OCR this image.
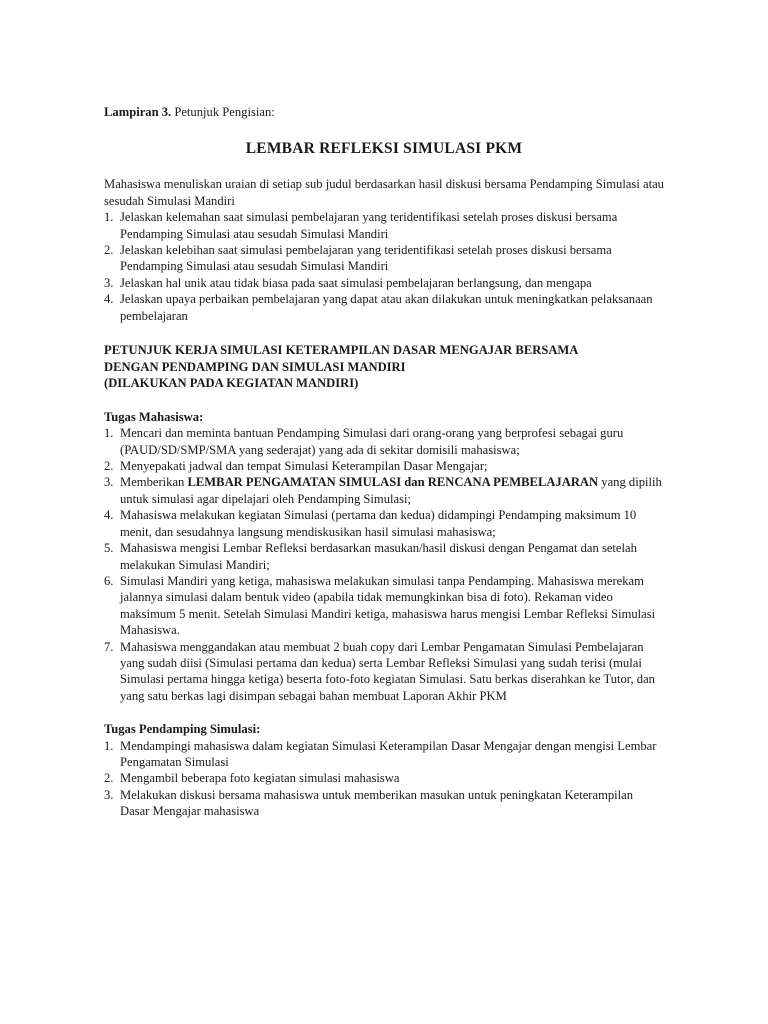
Lampiran 3. Petunjuk Pengisian:

LEMBAR REFLEKSI SIMULASI PKM

Mahasiswa menuliskan uraian di setiap sub judul berdasarkan hasil diskusi bersama Pendamping Simulasi atau sesudah Simulasi Mandiri

1. Jelaskan kelemahan saat simulasi pembelajaran yang teridentifikasi setelah proses diskusi bersama Pendamping Simulasi atau sesudah Simulasi Mandiri
2. Jelaskan kelebihan saat simulasi pembelajaran yang teridentifikasi setelah proses diskusi bersama Pendamping Simulasi atau sesudah Simulasi Mandiri
3. Jelaskan hal unik atau tidak biasa pada saat simulasi pembelajaran berlangsung, dan mengapa
4. Jelaskan upaya perbaikan pembelajaran yang dapat atau akan dilakukan untuk meningkatkan pelaksanaan pembelajaran
PETUNJUK KERJA SIMULASI KETERAMPILAN DASAR MENGAJAR BERSAMA
DENGAN PENDAMPING DAN SIMULASI MANDIRI
(DILAKUKAN PADA KEGIATAN MANDIRI)
Tugas Mahasiswa:
1. Mencari dan meminta bantuan Pendamping Simulasi dari orang-orang yang berprofesi sebagai guru (PAUD/SD/SMP/SMA yang sederajat) yang ada di sekitar domisili mahasiswa;
2. Menyepakati jadwal dan tempat Simulasi Keterampilan Dasar Mengajar;
3. Memberikan LEMBAR PENGAMATAN SIMULASI dan RENCANA PEMBELAJARAN yang dipilih untuk simulasi agar dipelajari oleh Pendamping Simulasi;
4. Mahasiswa melakukan kegiatan Simulasi (pertama dan kedua) didampingi Pendamping maksimum 10 menit, dan sesudahnya langsung mendiskusikan hasil simulasi mahasiswa;
5. Mahasiswa mengisi Lembar Refleksi berdasarkan masukan/hasil diskusi dengan Pengamat dan setelah melakukan Simulasi Mandiri;
6. Simulasi Mandiri yang ketiga, mahasiswa melakukan simulasi tanpa Pendamping. Mahasiswa merekam jalannya simulasi dalam bentuk video (apabila tidak memungkinkan bisa di foto). Rekaman video maksimum 5 menit. Setelah Simulasi Mandiri ketiga, mahasiswa harus mengisi Lembar Refleksi Simulasi Mahasiswa.
7. Mahasiswa menggandakan atau membuat 2 buah copy dari Lembar Pengamatan Simulasi Pembelajaran yang sudah diisi (Simulasi pertama dan kedua) serta Lembar Refleksi Simulasi yang sudah terisi (mulai Simulasi pertama hingga ketiga) beserta foto-foto kegiatan Simulasi. Satu berkas diserahkan ke Tutor, dan yang satu berkas lagi disimpan sebagai bahan membuat Laporan Akhir PKM
Tugas Pendamping Simulasi:
1. Mendampingi mahasiswa dalam kegiatan Simulasi Keterampilan Dasar Mengajar dengan mengisi Lembar Pengamatan Simulasi
2. Mengambil beberapa foto kegiatan simulasi mahasiswa
3. Melakukan diskusi bersama mahasiswa untuk memberikan masukan untuk peningkatan Keterampilan Dasar Mengajar mahasiswa
